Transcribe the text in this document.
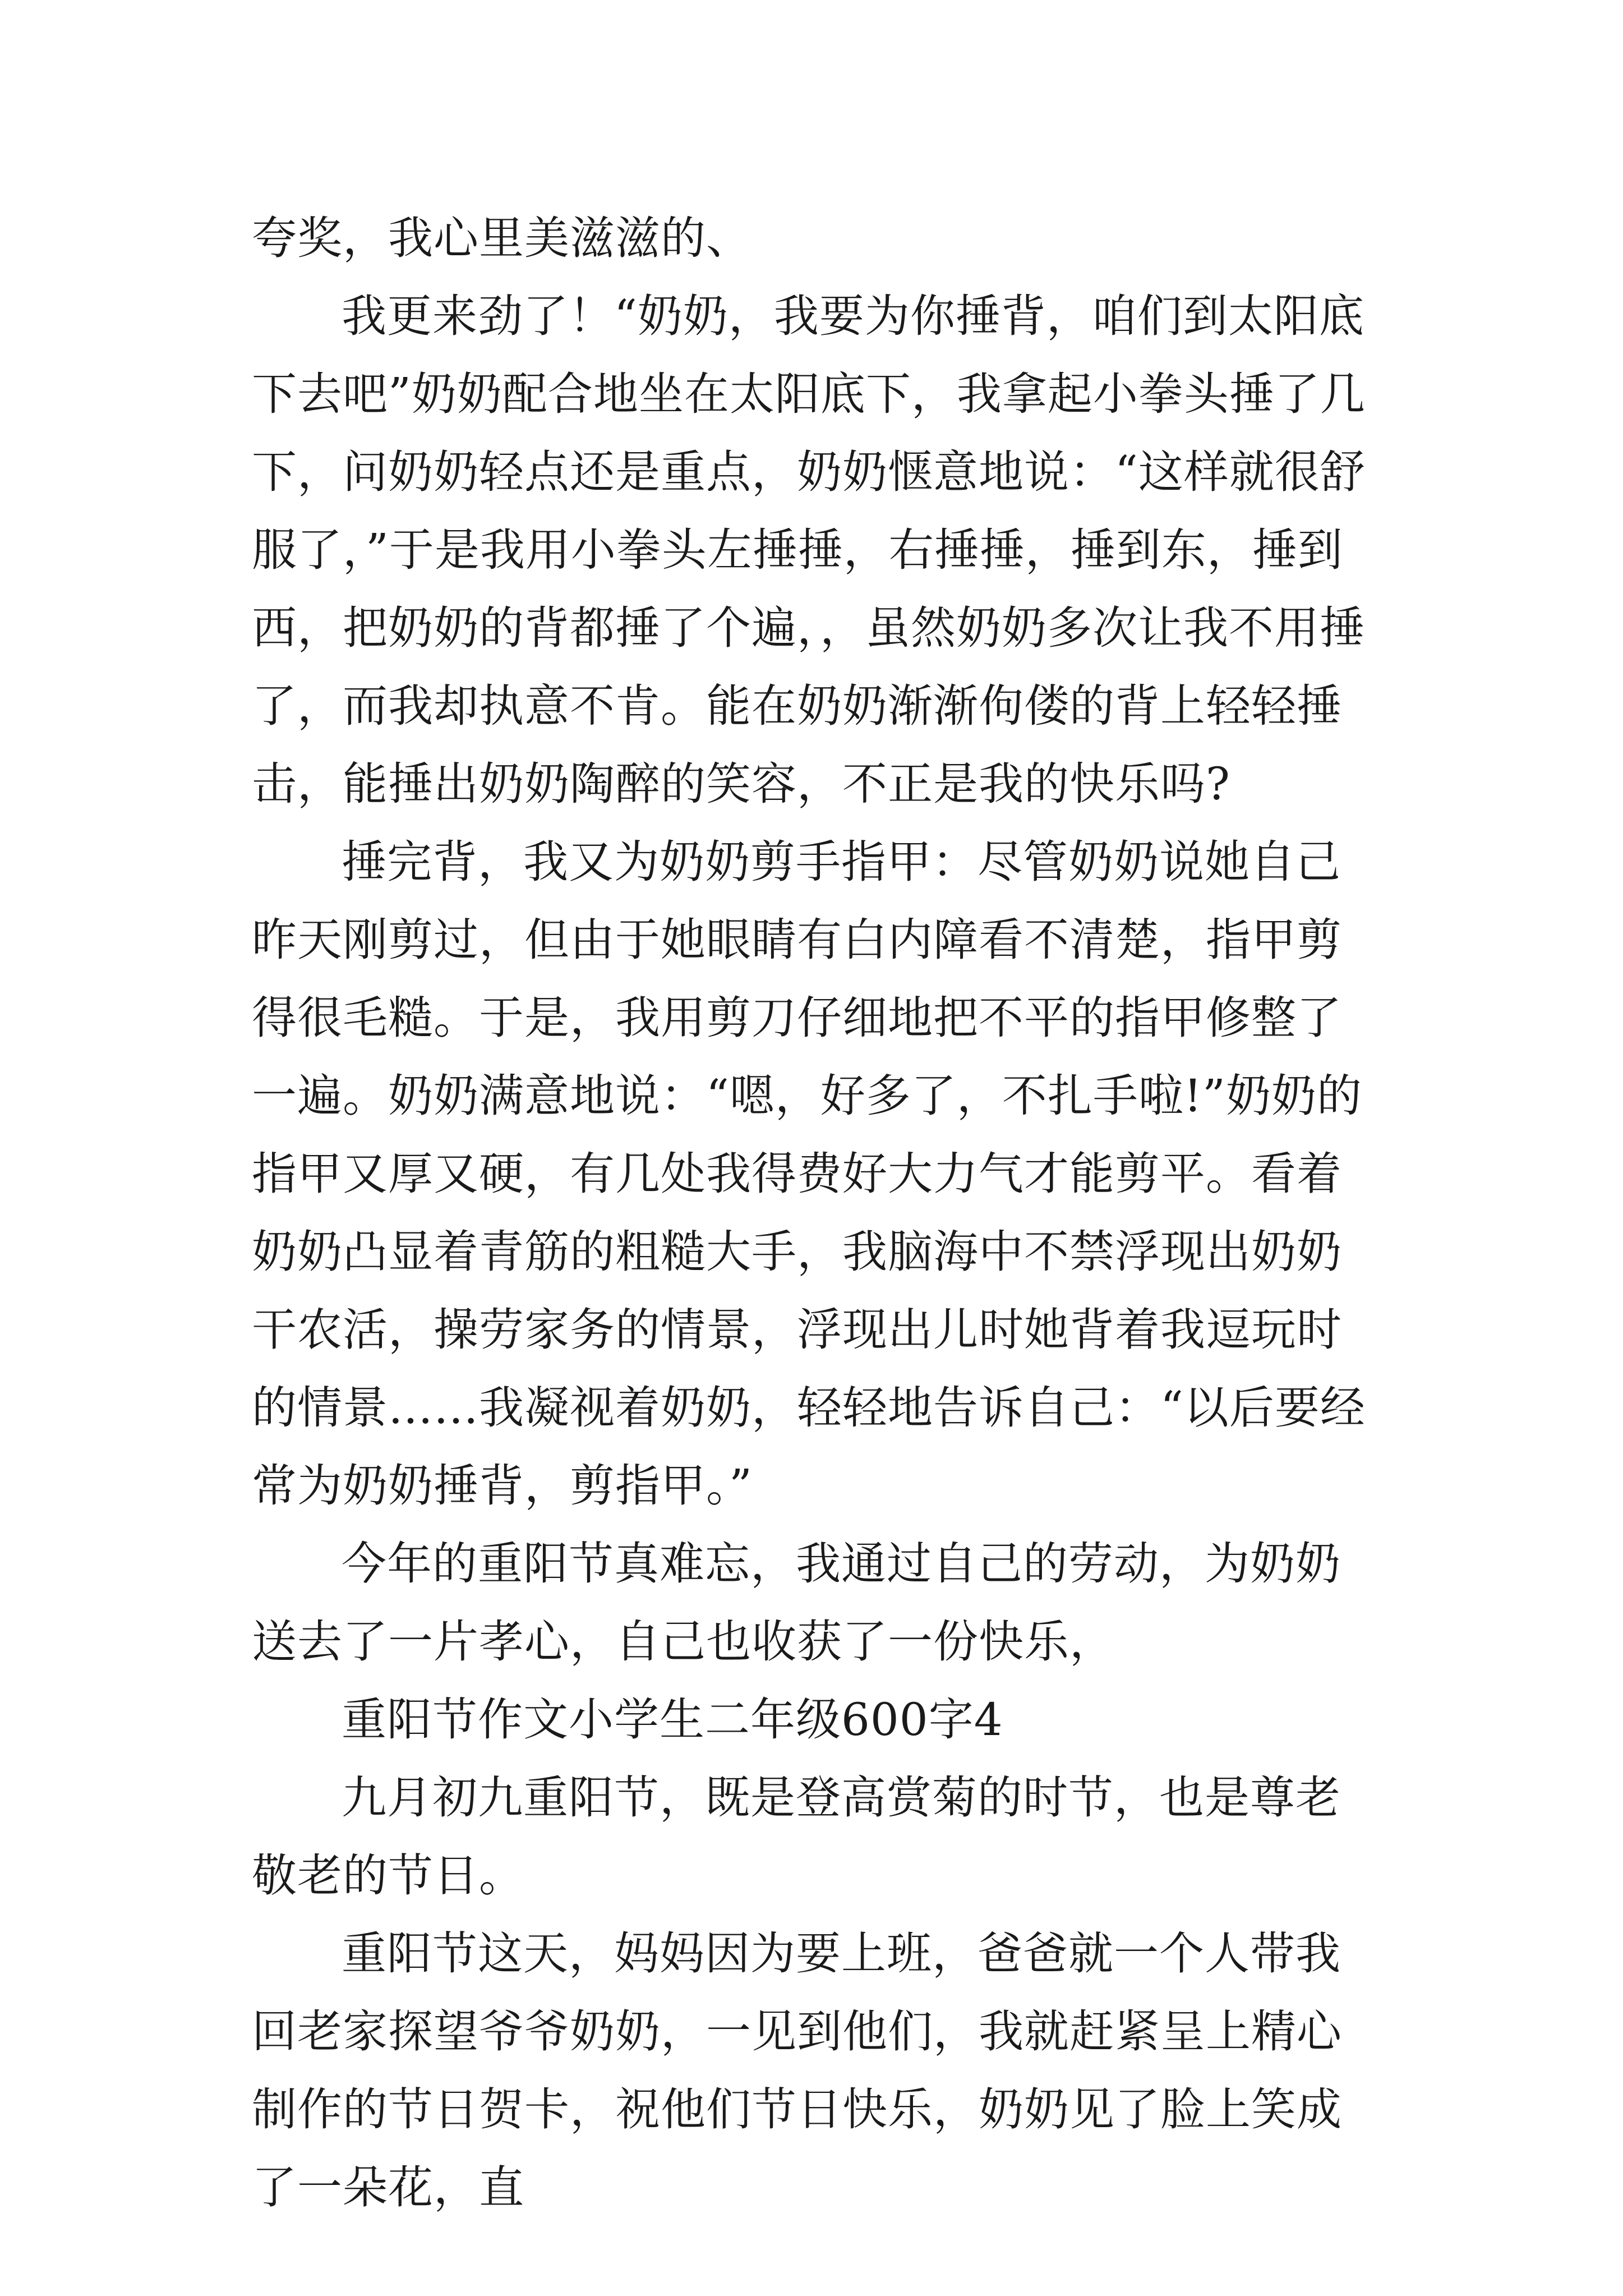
夸奖，我心里美滋滋的、

我更来劲了！“奶奶，我要为你捶背，咱们到太阳底下去吧”奶奶配合地坐在太阳底下，我拿起小拳头捶了几下，问奶奶轻点还是重点，奶奶惬意地说：“这样就很舒服了，”于是我用小拳头左捶捶，右捶捶，捶到东，捶到西，把奶奶的背都捶了个遍，，虽然奶奶多次让我不用捶了，而我却执意不肯。能在奶奶渐渐佝偻的背上轻轻捶击，能捶出奶奶陶醉的笑容，不正是我的快乐吗?

捶完背，我又为奶奶剪手指甲：尽管奶奶说她自己昨天刚剪过，但由于她眼睛有白内障看不清楚，指甲剪得很毛糙。于是，我用剪刀仔细地把不平的指甲修整了一遍。奶奶满意地说：“嗯，好多了，不扎手啦!”奶奶的指甲又厚又硬，有几处我得费好大力气才能剪平。看着奶奶凸显着青筋的粗糙大手，我脑海中不禁浮现出奶奶干农活，操劳家务的情景，浮现出儿时她背着我逗玩时的情景……我凝视着奶奶，轻轻地告诉自己：“以后要经常为奶奶捶背，剪指甲。”

今年的重阳节真难忘，我通过自己的劳动，为奶奶送去了一片孝心，自己也收获了一份快乐，

重阳节作文小学生二年级600字4

九月初九重阳节，既是登高赏菊的时节，也是尊老敬老的节日。

重阳节这天，妈妈因为要上班，爸爸就一个人带我回老家探望爷爷奶奶，一见到他们，我就赶紧呈上精心制作的节日贺卡，祝他们节日快乐，奶奶见了脸上笑成了一朵花，直
